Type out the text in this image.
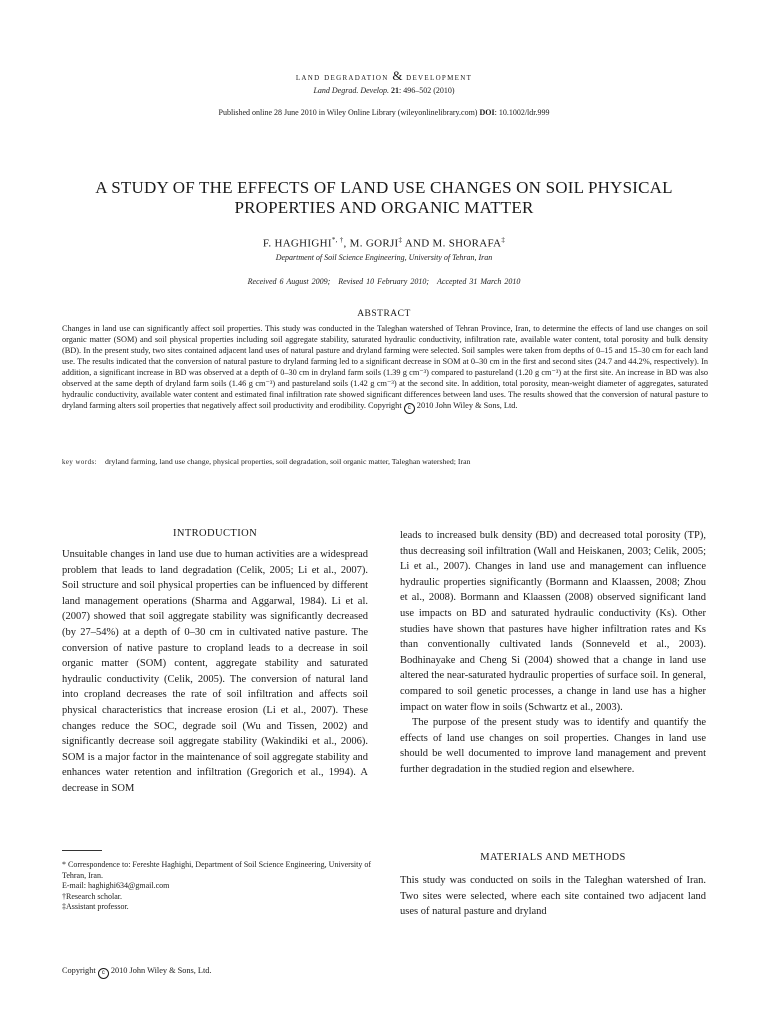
land degradation & development
Land Degrad. Develop. 21: 496–502 (2010)
Published online 28 June 2010 in Wiley Online Library (wileyonlinelibrary.com) DOI: 10.1002/ldr.999
A STUDY OF THE EFFECTS OF LAND USE CHANGES ON SOIL PHYSICAL
PROPERTIES AND ORGANIC MATTER
F. HAGHIGHI*, †, M. GORJI‡ AND M. SHORAFA‡
Department of Soil Science Engineering, University of Tehran, Iran
Received 6 August 2009; Revised 10 February 2010; Accepted 31 March 2010
ABSTRACT

Changes in land use can significantly affect soil properties. This study was conducted in the Taleghan watershed of Tehran Province, Iran, to determine the effects of land use changes on soil organic matter (SOM) and soil physical properties including soil aggregate stability, saturated hydraulic conductivity, infiltration rate, available water content, total porosity and bulk density (BD). In the present study, two sites contained adjacent land uses of natural pasture and dryland farming were selected. Soil samples were taken from depths of 0–15 and 15–30 cm for each land use. The results indicated that the conversion of natural pasture to dryland farming led to a significant decrease in SOM at 0–30 cm in the first and second sites (24.7 and 44.2%, respectively). In addition, a significant increase in BD was observed at a depth of 0–30 cm in dryland farm soils (1.39 g cm⁻³) compared to pastureland (1.20 g cm⁻³) at the first site. An increase in BD was also observed at the same depth of dryland farm soils (1.46 g cm⁻³) and pastureland soils (1.42 g cm⁻³) at the second site. In addition, total porosity, mean-weight diameter of aggregates, saturated hydraulic conductivity, available water content and estimated final infiltration rate showed significant differences between land uses. The results showed that the conversion of natural pasture to dryland farming alters soil properties that negatively affect soil productivity and erodibility. Copyright c 2010 John Wiley & Sons, Ltd.

key words: dryland farming, land use change, physical properties, soil degradation, soil organic matter, Taleghan watershed; Iran
INTRODUCTION

Unsuitable changes in land use due to human activities are a widespread problem that leads to land degradation (Celik, 2005; Li et al., 2007). Soil structure and soil physical properties can be influenced by different land management operations (Sharma and Aggarwal, 1984). Li et al. (2007) showed that soil aggregate stability was significantly decreased (by 27–54%) at a depth of 0–30 cm in cultivated native pasture. The conversion of native pasture to cropland leads to a decrease in soil organic matter (SOM) content, aggregate stability and saturated hydraulic conductivity (Celik, 2005). The conversion of natural land into cropland decreases the rate of soil infiltration and affects soil physical characteristics that increase erosion (Li et al., 2007). These changes reduce the SOC, degrade soil (Wu and Tissen, 2002) and significantly decrease soil aggregate stability (Wakindiki et al., 2006). SOM is a major factor in the maintenance of soil aggregate stability and enhances water retention and infiltration (Gregorich et al., 1994). A decrease in SOM

leads to increased bulk density (BD) and decreased total porosity (TP), thus decreasing soil infiltration (Wall and Heiskanen, 2003; Celik, 2005; Li et al., 2007). Changes in land use and management can influence hydraulic properties significantly (Bormann and Klaassen, 2008; Zhou et al., 2008). Bormann and Klaassen (2008) observed significant land use impacts on BD and saturated hydraulic conductivity (Ks). Other studies have shown that pastures have higher infiltration rates and Ks than conventionally cultivated lands (Sonneveld et al., 2003). Bodhinayake and Cheng Si (2004) showed that a change in land use altered the near-saturated hydraulic properties of surface soil. In general, compared to soil genetic processes, a change in land use has a higher impact on water flow in soils (Schwartz et al., 2003).

The purpose of the present study was to identify and quantify the effects of land use changes on soil properties. Changes in land use should be well documented to improve land management and prevent further degradation in the studied region and elsewhere.

MATERIALS AND METHODS

This study was conducted on soils in the Taleghan watershed of Iran. Two sites were selected, where each site contained two adjacent land uses of natural pasture and dryland

* Correspondence to: Fereshte Haghighi, Department of Soil Science Engineering, University of Tehran, Iran.
E-mail: haghighi634@gmail.com
†Research scholar.
‡Assistant professor.
Copyright c 2010 John Wiley & Sons, Ltd.
